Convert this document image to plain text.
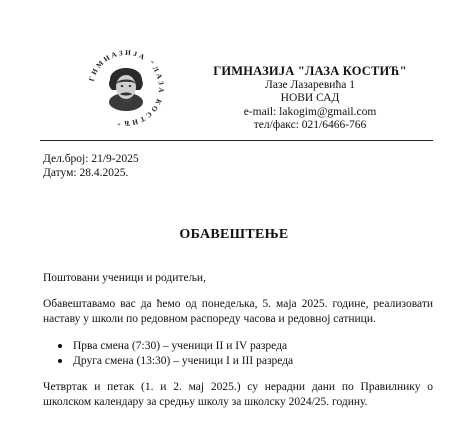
ГИМНАЗИЈА "ЛАЗА КОСТИЋ"
ГИМНАЗИЈА "ЛАЗА КОСТИЋ"
Лазе Лазаревића 1
НОВИ САД
e-mail: lakogim@gmail.com
тел/факс: 021/6466-766
Дел.број: 21/9-2025
Датум: 28.4.2025.
ОБАВЕШТЕЊЕ

Поштовани ученици и родитељи,

Обавештавамо вас да ћемо од понедељка, 5. маја 2025. године, реализовати наставу у школи по редовном распореду часова и редовној сатници.

Прва смена (7:30) – ученици II и IV разреда
Друга смена (13:30) – ученици I и III разреда

Четвртак и петак (1. и 2. мај 2025.) су нерадни дани по Правилнику о школском календару за средњу школу за школску 2024/25. годину.
